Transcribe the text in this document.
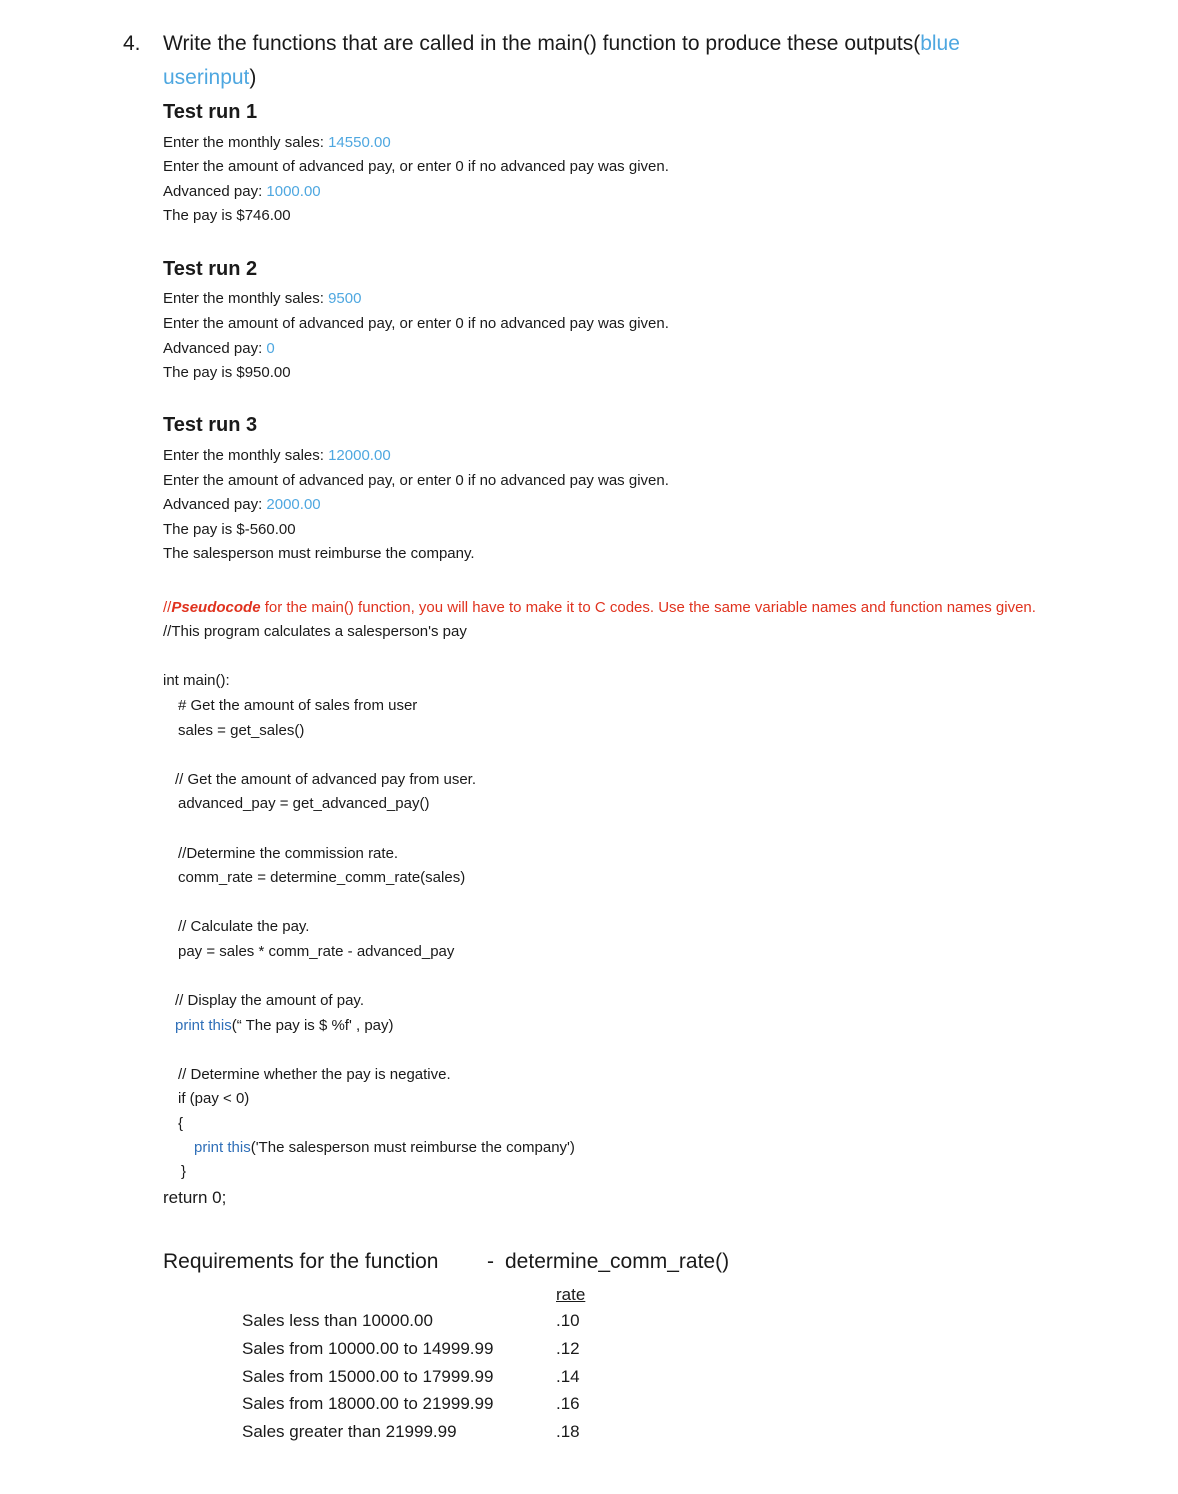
4. Write the functions that are called in the main() function to produce these outputs(blue
userinput)
Test run 1
Enter the monthly sales: 14550.00
Enter the amount of advanced pay, or enter 0 if no advanced pay was given.
Advanced pay: 1000.00
The pay is $746.00
Test run 2
Enter the monthly sales: 9500
Enter the amount of advanced pay, or enter 0 if no advanced pay was given.
Advanced pay: 0
The pay is $950.00
Test run 3
Enter the monthly sales: 12000.00
Enter the amount of advanced pay, or enter 0 if no advanced pay was given.
Advanced pay: 2000.00
The pay is $-560.00
The salesperson must reimburse the company.
//Pseudocode for the main() function, you will have to make it to C codes. Use the same variable names and function names given.
//This program calculates a salesperson's pay
int main():
# Get the amount of sales from user
sales = get_sales()
// Get the amount of advanced pay from user.
advanced_pay = get_advanced_pay()
//Determine the commission rate.
comm_rate = determine_comm_rate(sales)
// Calculate the pay.
pay = sales * comm_rate - advanced_pay
// Display the amount of pay.
print this(“ The pay is $ %f' , pay)
// Determine whether the pay is negative.
if (pay < 0)
{
print this('The salesperson must reimburse the company')
}
return 0;
Requirements for the function - determine_comm_rate()
rate
Sales less than 10000.00	.10
Sales from 10000.00 to 14999.99	.12
Sales from 15000.00 to 17999.99	.14
Sales from 18000.00 to 21999.99	.16
Sales greater than 21999.99	.18
